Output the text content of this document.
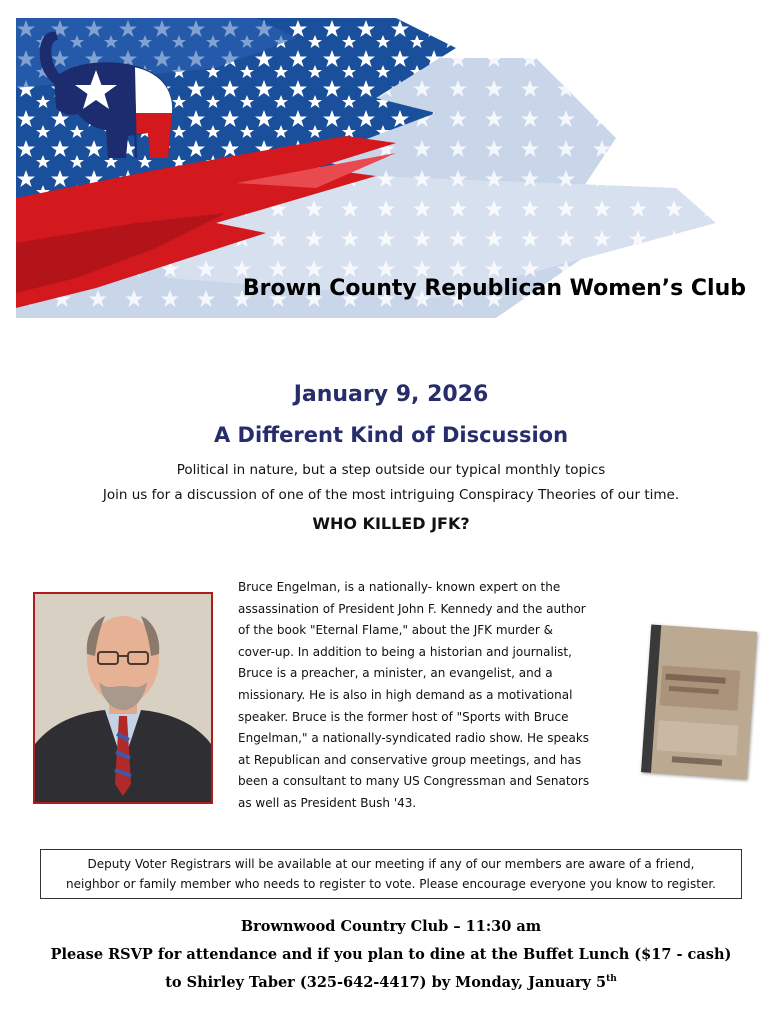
Brown County Republican Women’s Club
January 9, 2026
A Different Kind of Discussion
Political in nature, but a step outside our typical monthly topics
Join us for a discussion of one of the most intriguing Conspiracy Theories of our time.
WHO KILLED JFK?

Bruce Engelman, is a nationally- known expert on the

assassination of President John F. Kennedy and the author

of the book "Eternal Flame," about the JFK murder &

cover-up. In addition to being a historian and journalist,

Bruce is a preacher, a minister, an evangelist, and a

missionary. He is also in high demand as a motivational

speaker. Bruce is the former host of "Sports with Bruce

Engelman," a nationally-syndicated radio show. He speaks

at Republican and conservative group meetings, and has

been a consultant to many US Congressman and Senators

as well as President Bush '43.

Deputy Voter Registrars will be available at our meeting if any of our members are aware of a friend,

neighbor or family member who needs to register to vote. Please encourage everyone you know to register.

Brownwood Country Club – 11:30 am
Please RSVP for attendance and if you plan to dine at the Buffet Lunch ($17 - cash)
to Shirley Taber (325-642-4417) by Monday, January 5th
